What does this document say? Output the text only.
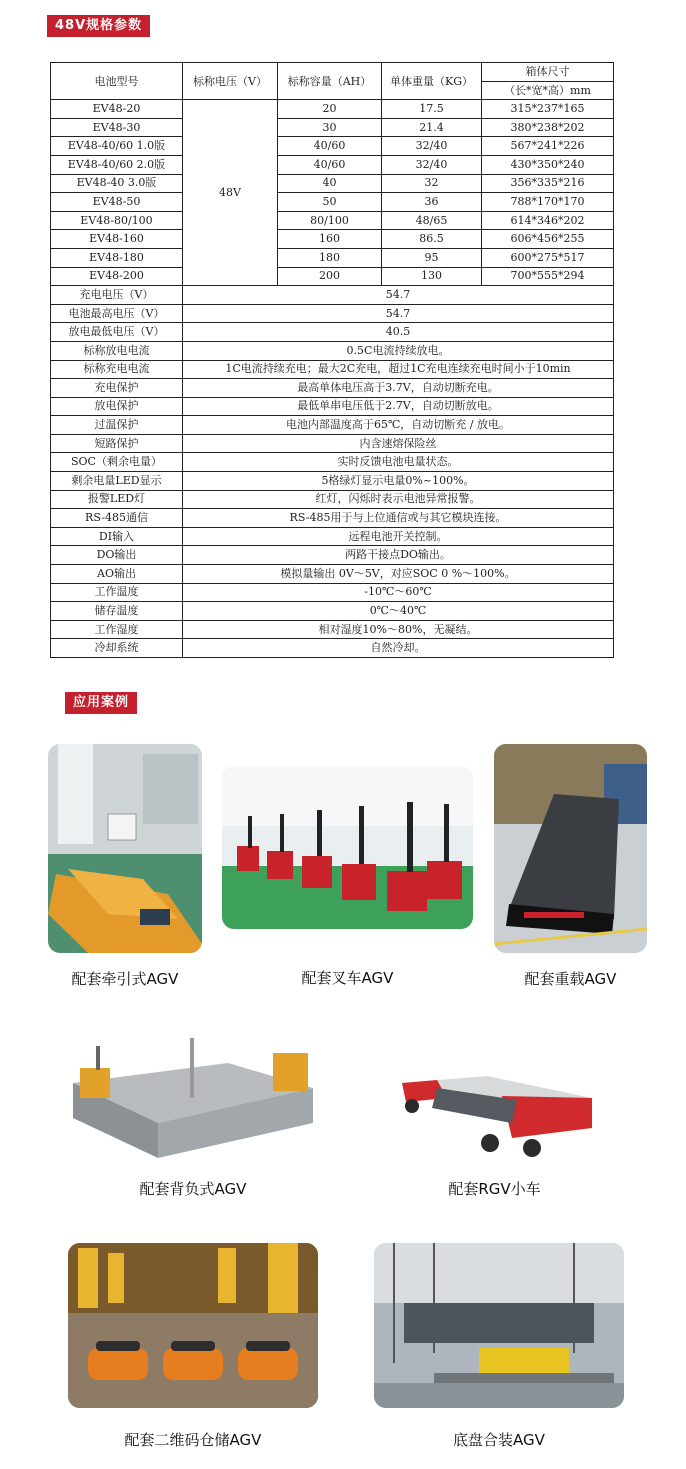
48V规格参数
电池型号	标称电压（V）	标称容量（AH）	单体重量（KG）	箱体尺寸
				（长*宽*高）mm
EV48-20	48V	20	17.5	315*237*165
EV48-30		30	21.4	380*238*202
EV48-40/60 1.0版		40/60	32/40	567*241*226
EV48-40/60 2.0版		40/60	32/40	430*350*240
EV48-40 3.0版		40	32	356*335*216
EV48-50		50	36	788*170*170
EV48-80/100		80/100	48/65	614*346*202
EV48-160		160	86.5	606*456*255
EV48-180		180	95	600*275*517
EV48-200		200	130	700*555*294
充电电压（V）	54.7			
电池最高电压（V）	54.7			
放电最低电压（V）	40.5			
标称放电电流	0.5C电流持续放电。			
标称充电电流	1C电流持续充电；最大2C充电，超过1C充电连续充电时间小于10min			
充电保护	最高单体电压高于3.7V，自动切断充电。			
放电保护	最低单串电压低于2.7V，自动切断放电。			
过温保护	电池内部温度高于65℃，自动切断充 / 放电。			
短路保护	内含速熔保险丝			
SOC（剩余电量）	实时反馈电池电量状态。			
剩余电量LED显示	5格绿灯显示电量0%~100%。			
报警LED灯	红灯，闪烁时表示电池异常报警。			
RS-485通信	RS-485用于与上位通信或与其它模块连接。			
DI输入	远程电池开关控制。			
DO输出	两路干接点DO输出。			
AO输出	模拟量输出 0V～5V，对应SOC 0 %～100%。			
工作温度	-10℃～60℃			
储存温度	0℃～40℃			
工作湿度	相对湿度10%～80%，无凝结。			
冷却系统	自然冷却。			
应用案例
配套牵引式AGV	配套叉车AGV	配套重载AGV
配套背负式AGV	配套RGV小车
配套二维码仓储AGV	底盘合装AGV
